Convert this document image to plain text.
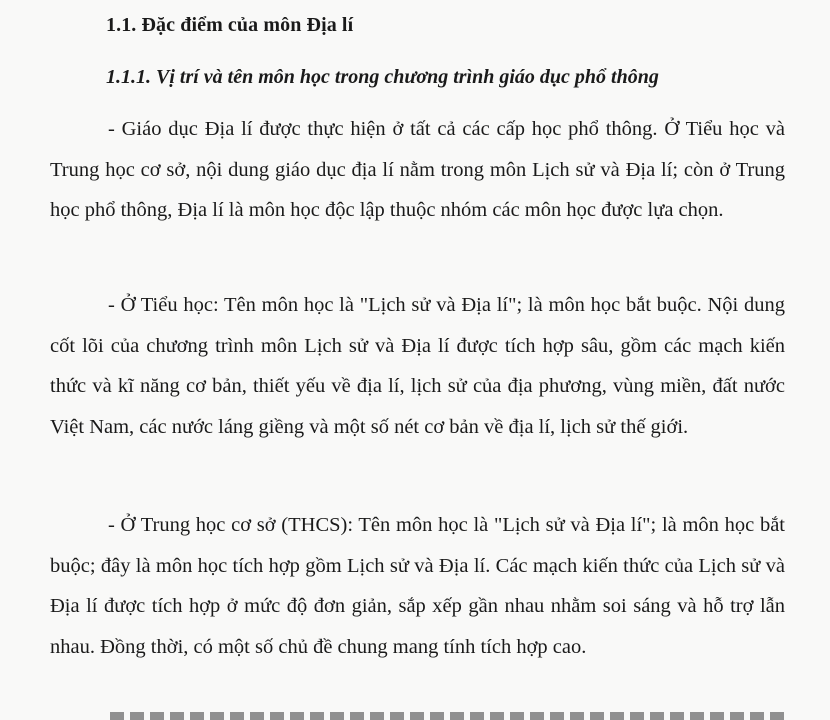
1.1. Đặc điểm của môn Địa lí
1.1.1. Vị trí và tên môn học trong chương trình giáo dục phổ thông

- Giáo dục Địa lí được thực hiện ở tất cả các cấp học phổ thông. Ở Tiểu học và Trung học cơ sở, nội dung giáo dục địa lí nằm trong môn Lịch sử và Địa lí; còn ở Trung học phổ thông, Địa lí là môn học độc lập thuộc nhóm các môn học được lựa chọn.

- Ở Tiểu học: Tên môn học là "Lịch sử và Địa lí"; là môn học bắt buộc. Nội dung cốt lõi của chương trình môn Lịch sử và Địa lí được tích hợp sâu, gồm các mạch kiến thức và kĩ năng cơ bản, thiết yếu về địa lí, lịch sử của địa phương, vùng miền, đất nước Việt Nam, các nước láng giềng và một số nét cơ bản về địa lí, lịch sử thế giới.

- Ở Trung học cơ sở (THCS): Tên môn học là "Lịch sử và Địa lí"; là môn học bắt buộc; đây là môn học tích hợp gồm Lịch sử và Địa lí. Các mạch kiến thức của Lịch sử và Địa lí được tích hợp ở mức độ đơn giản, sắp xếp gần nhau nhằm soi sáng và hỗ trợ lẫn nhau. Đồng thời, có một số chủ đề chung mang tính tích hợp cao.
